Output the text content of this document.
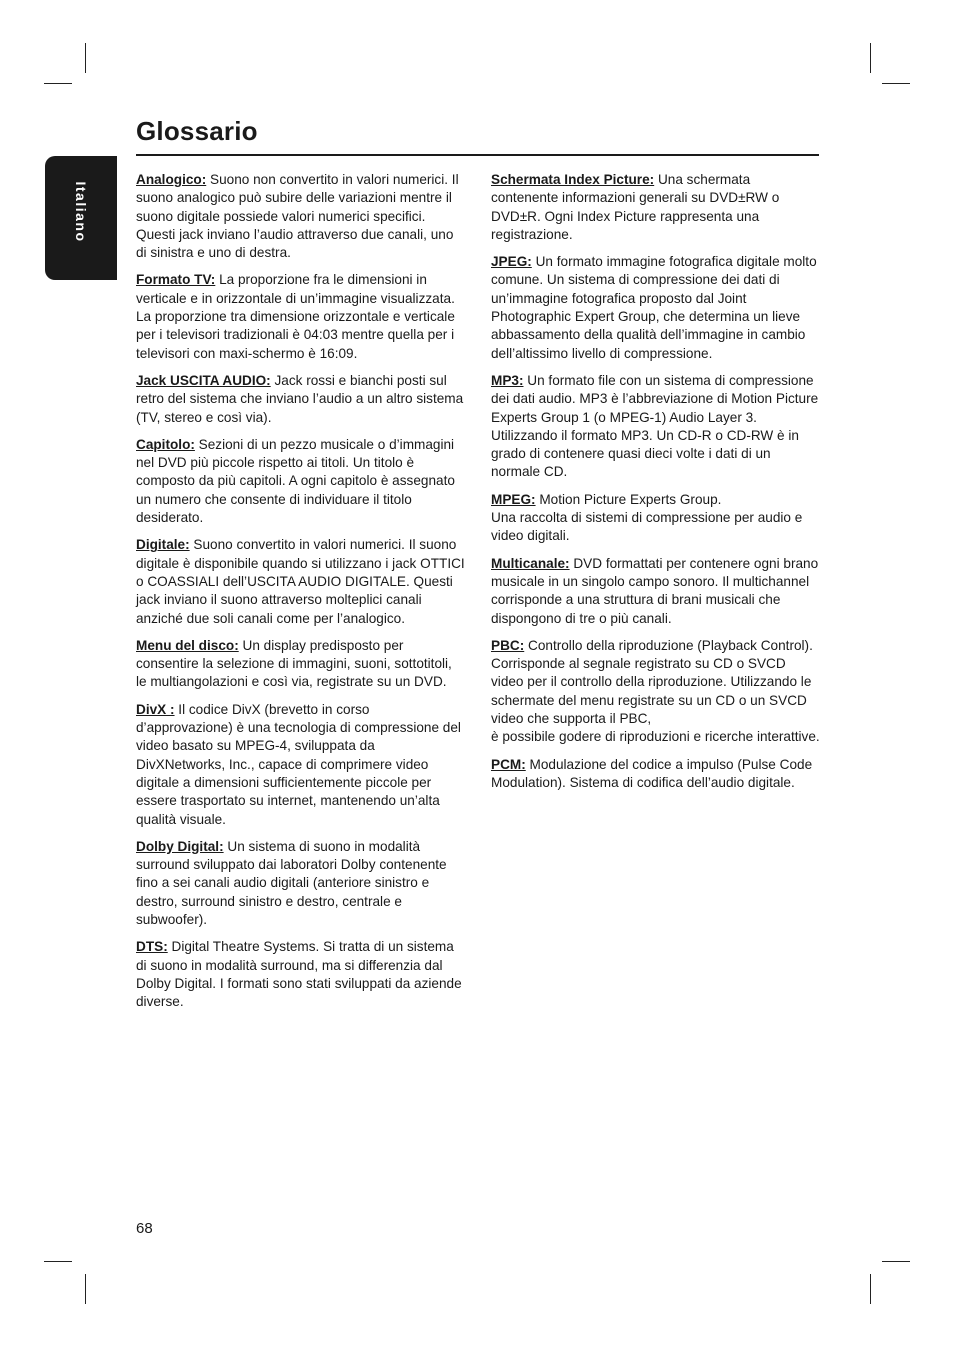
Italiano
Glossario

Analogico: Suono non convertito in valori numerici. Il suono analogico può subire delle variazioni mentre il suono digitale possiede valori numerici specifici. Questi jack inviano l’audio attraverso due canali, uno di sinistra e uno di destra.

Formato TV: La proporzione fra le dimensioni in verticale e in orizzontale di un’immagine visualizzata. La proporzione tra dimensione orizzontale e verticale per i televisori tradizionali è 04:03 mentre quella per i televisori con maxi-schermo è 16:09.

Jack USCITA AUDIO: Jack rossi e bianchi posti sul retro del sistema che inviano l’audio a un altro sistema (TV, stereo e così via).

Capitolo: Sezioni di un pezzo musicale o d’immagini nel DVD più piccole rispetto ai titoli. Un titolo è composto da più capitoli. A ogni capitolo è assegnato un numero che consente di individuare il titolo desiderato.

Digitale: Suono convertito in valori numerici. Il suono digitale è disponibile quando si utilizzano i jack OTTICI o COASSIALI dell’USCITA AUDIO DIGITALE. Questi jack inviano il suono attraverso molteplici canali anziché due soli canali come per l’analogico.

Menu del disco: Un display predisposto per consentire la selezione di immagini, suoni, sottotitoli, le multiangolazioni e così via, registrate su un DVD.

DivX : Il codice DivX (brevetto in corso d’approvazione) è una tecnologia di compressione del video basato su MPEG-4, sviluppata da DivXNetworks, Inc., capace di comprimere video digitale a dimensioni sufficientemente piccole per essere trasportato su internet, mantenendo un’alta qualità visuale.

Dolby Digital: Un sistema di suono in modalità surround sviluppato dai laboratori Dolby contenente fino a sei canali audio digitali (anteriore sinistro e destro, surround sinistro e destro, centrale e subwoofer).

DTS: Digital Theatre Systems. Si tratta di un sistema di suono in modalità surround, ma si differenzia dal Dolby Digital. I formati sono stati sviluppati da aziende diverse.

Schermata Index Picture: Una schermata contenente informazioni generali su DVD±RW o DVD±R. Ogni Index Picture rappresenta una registrazione.

JPEG: Un formato immagine fotografica digitale molto comune. Un sistema di compressione dei dati di un’immagine fotografica proposto dal Joint Photographic Expert Group, che determina un lieve abbassamento della qualità dell’immagine in cambio dell’altissimo livello di compressione.

MP3: Un formato file con un sistema di compressione dei dati audio. MP3 è l’abbreviazione di Motion Picture Experts Group 1 (o MPEG-1) Audio Layer 3. Utilizzando il formato MP3. Un CD-R o CD-RW è in grado di contenere quasi dieci volte i dati di un normale CD.

MPEG: Motion Picture Experts Group.
Una raccolta di sistemi di compressione per audio e video digitali.

Multicanale: DVD formattati per contenere ogni brano musicale in un singolo campo sonoro. Il multichannel corrisponde a una struttura di brani musicali che dispongono di tre o più canali.

PBC: Controllo della riproduzione (Playback Control). Corrisponde al segnale registrato su CD o SVCD video per il controllo della riproduzione. Utilizzando le schermate del menu registrate su un CD o un SVCD video che supporta il PBC,
è possibile godere di riproduzioni e ricerche interattive.

PCM: Modulazione del codice a impulso (Pulse Code Modulation). Sistema di codifica dell’audio digitale.

68
